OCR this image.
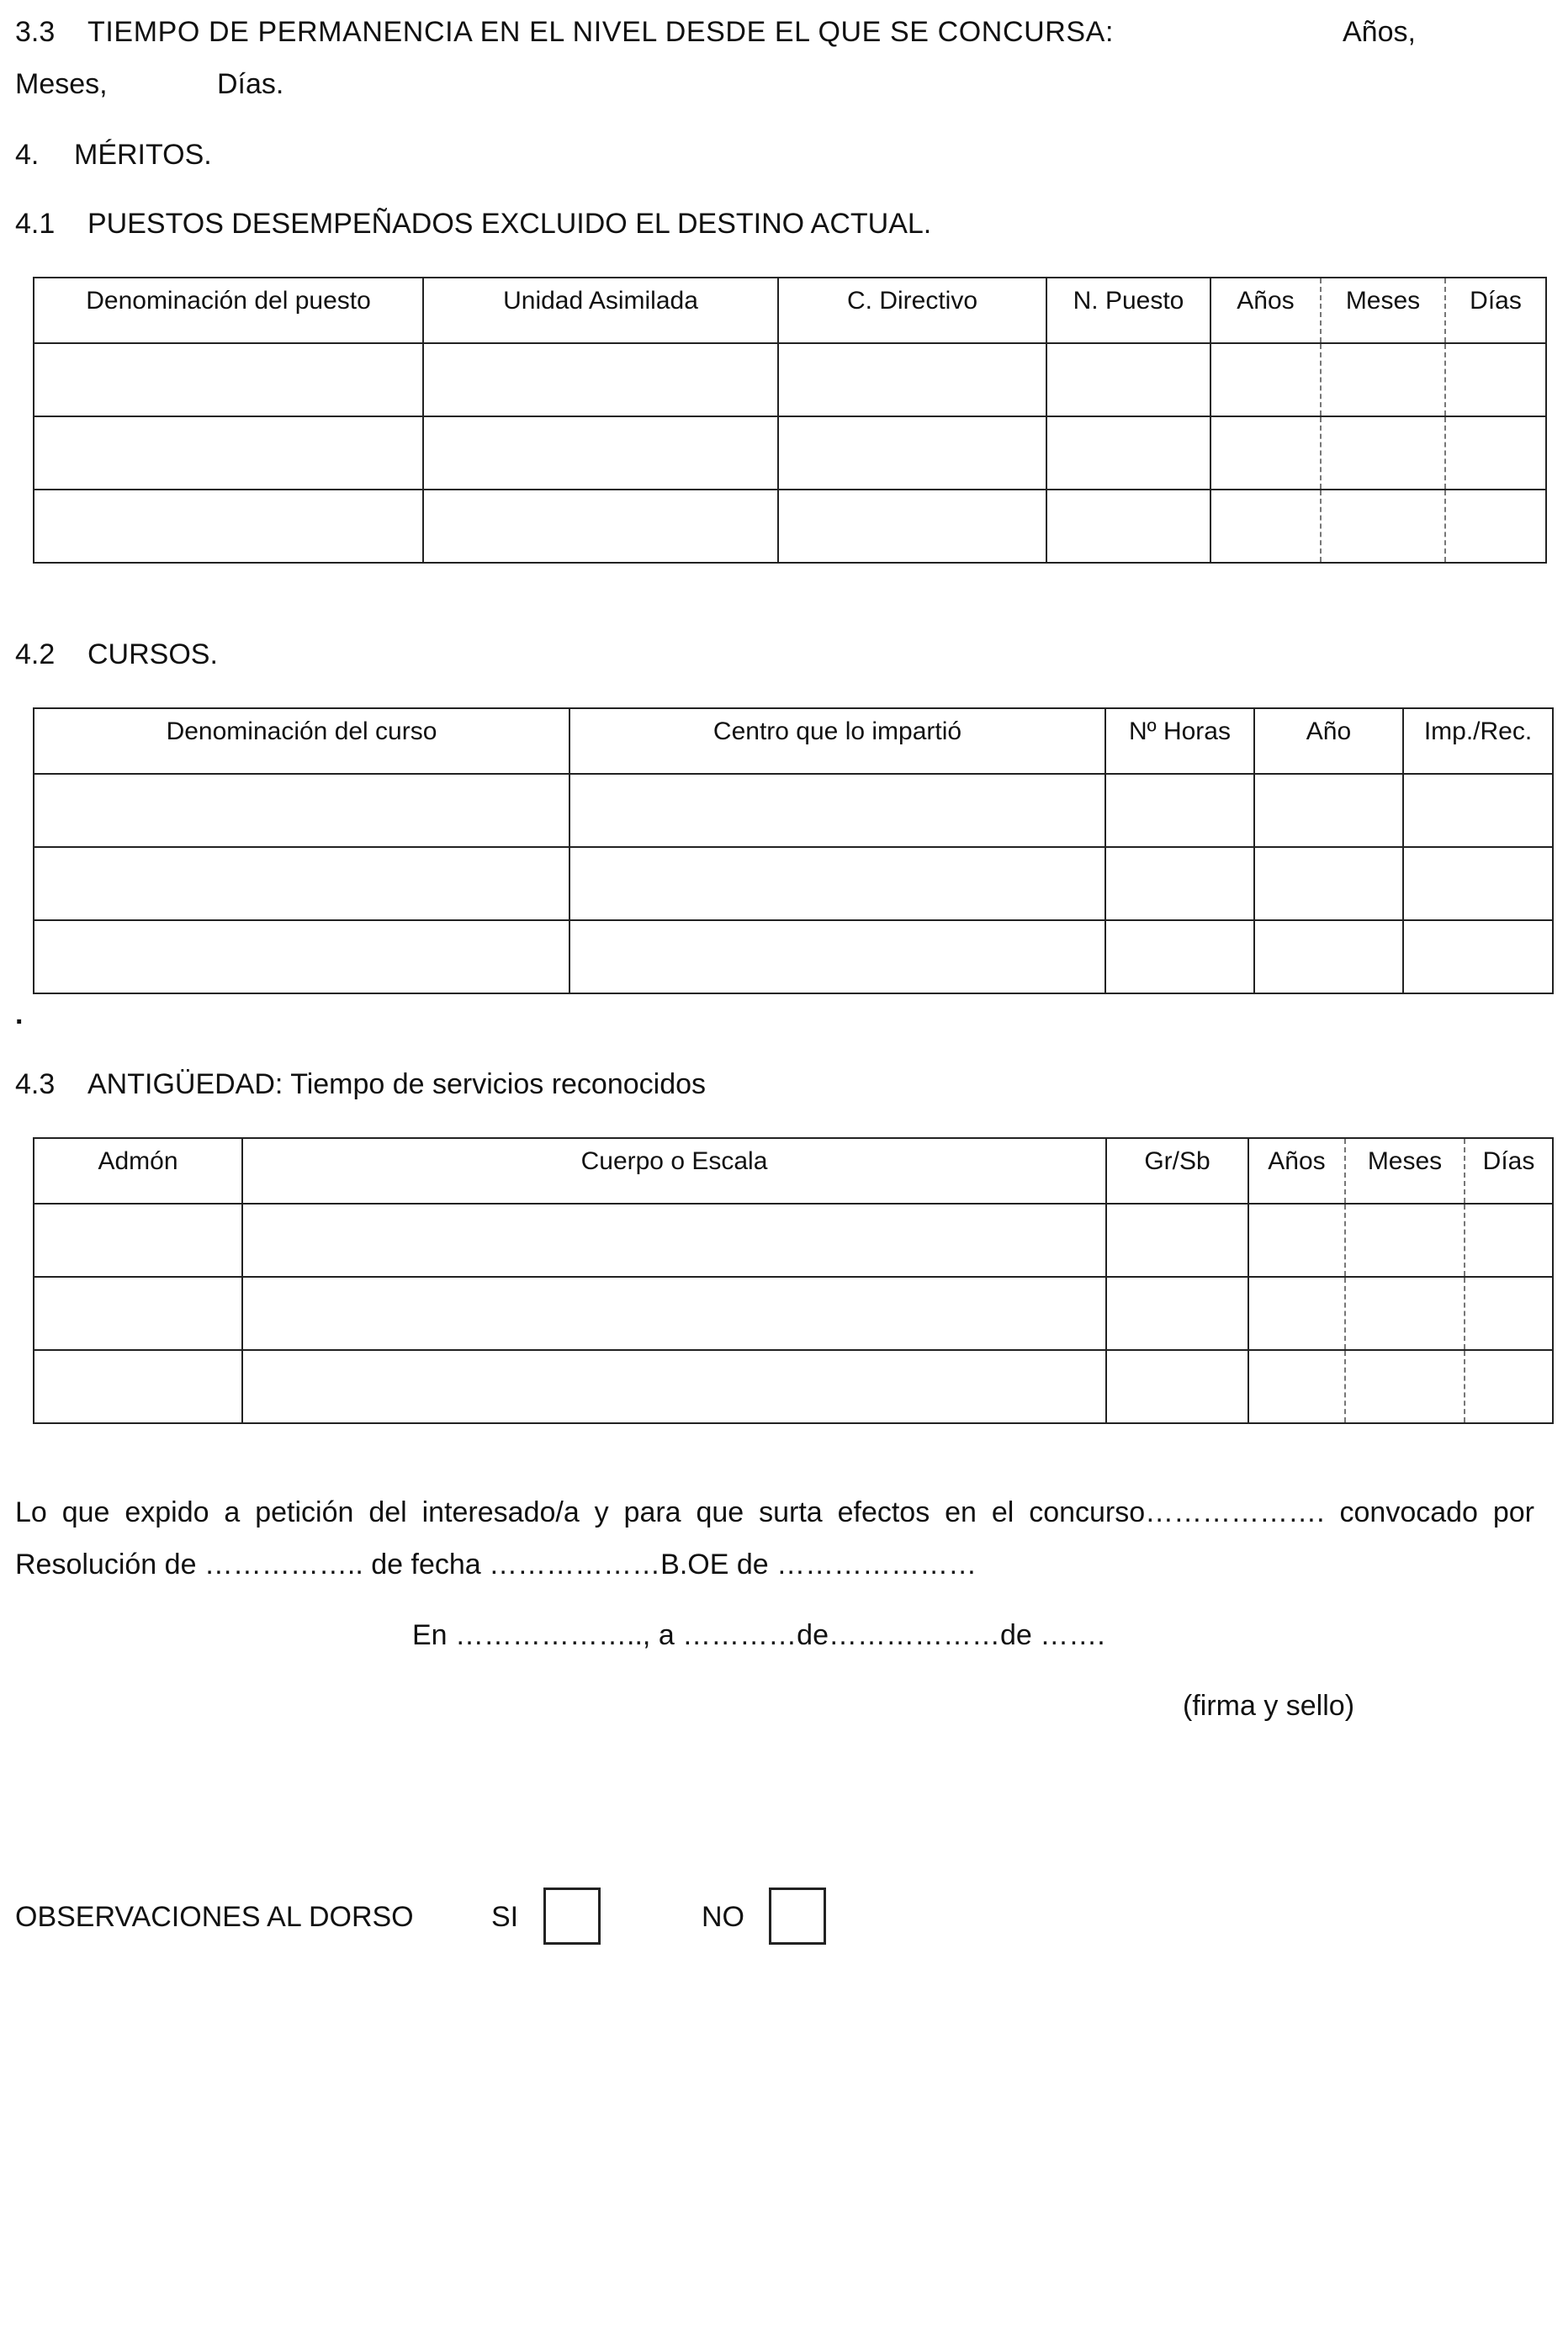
3.3 TIEMPO DE PERMANENCIA EN EL NIVEL DESDE EL QUE SE CONCURSA:	Años,
Meses,	Días.
4. MÉRITOS.
4.1 PUESTOS DESEMPEÑADOS EXCLUIDO EL DESTINO ACTUAL.
Denominación del puesto	Unidad Asimilada	C. Directivo	N. Puesto	Años	Meses	Días

4.2 CURSOS.
Denominación del curso	Centro que lo impartió	Nº Horas	Año	Imp./Rec.

.
4.3 ANTIGÜEDAD: Tiempo de servicios reconocidos
Admón	Cuerpo o Escala	Gr/Sb	Años	Meses	Días

Lo que expido a petición del interesado/a y para que surta efectos en el concurso………………. convocado por
Resolución de …………….. de fecha ………………B.OE de …………………
En ……………….., a …………de………………de …….
(firma y sello)
OBSERVACIONES AL DORSO	SI	NO
